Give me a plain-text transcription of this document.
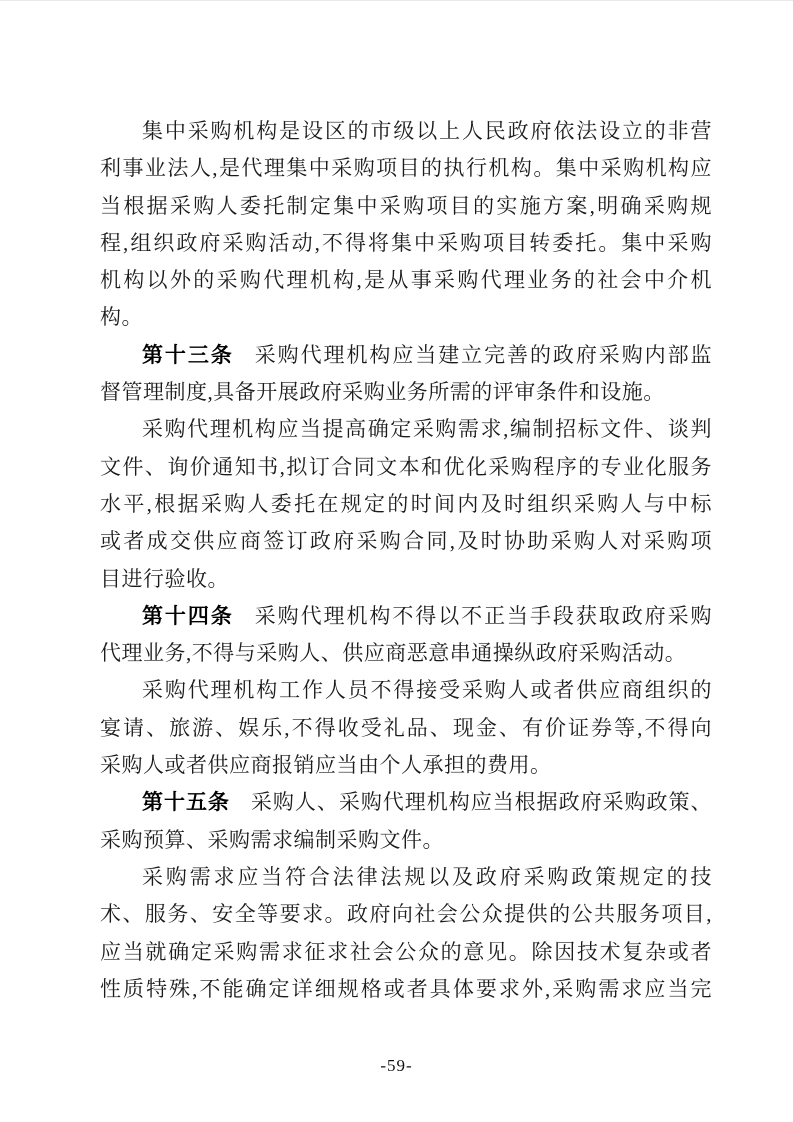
集中采购机构是设区的市级以上人民政府依法设立的非营
利事业法人,是代理集中采购项目的执行机构。集中采购机构应
当根据采购人委托制定集中采购项目的实施方案,明确采购规
程,组织政府采购活动,不得将集中采购项目转委托。集中采购
机构以外的采购代理机构,是从事采购代理业务的社会中介机
构。
第十三条 采购代理机构应当建立完善的政府采购内部监
督管理制度,具备开展政府采购业务所需的评审条件和设施。
采购代理机构应当提高确定采购需求,编制招标文件、谈判
文件、询价通知书,拟订合同文本和优化采购程序的专业化服务
水平,根据采购人委托在规定的时间内及时组织采购人与中标
或者成交供应商签订政府采购合同,及时协助采购人对采购项
目进行验收。
第十四条 采购代理机构不得以不正当手段获取政府采购
代理业务,不得与采购人、供应商恶意串通操纵政府采购活动。
采购代理机构工作人员不得接受采购人或者供应商组织的
宴请、旅游、娱乐,不得收受礼品、现金、有价证券等,不得向
采购人或者供应商报销应当由个人承担的费用。
第十五条 采购人、采购代理机构应当根据政府采购政策、
采购预算、采购需求编制采购文件。
采购需求应当符合法律法规以及政府采购政策规定的技
术、服务、安全等要求。政府向社会公众提供的公共服务项目,
应当就确定采购需求征求社会公众的意见。除因技术复杂或者
性质特殊,不能确定详细规格或者具体要求外,采购需求应当完
-59-
